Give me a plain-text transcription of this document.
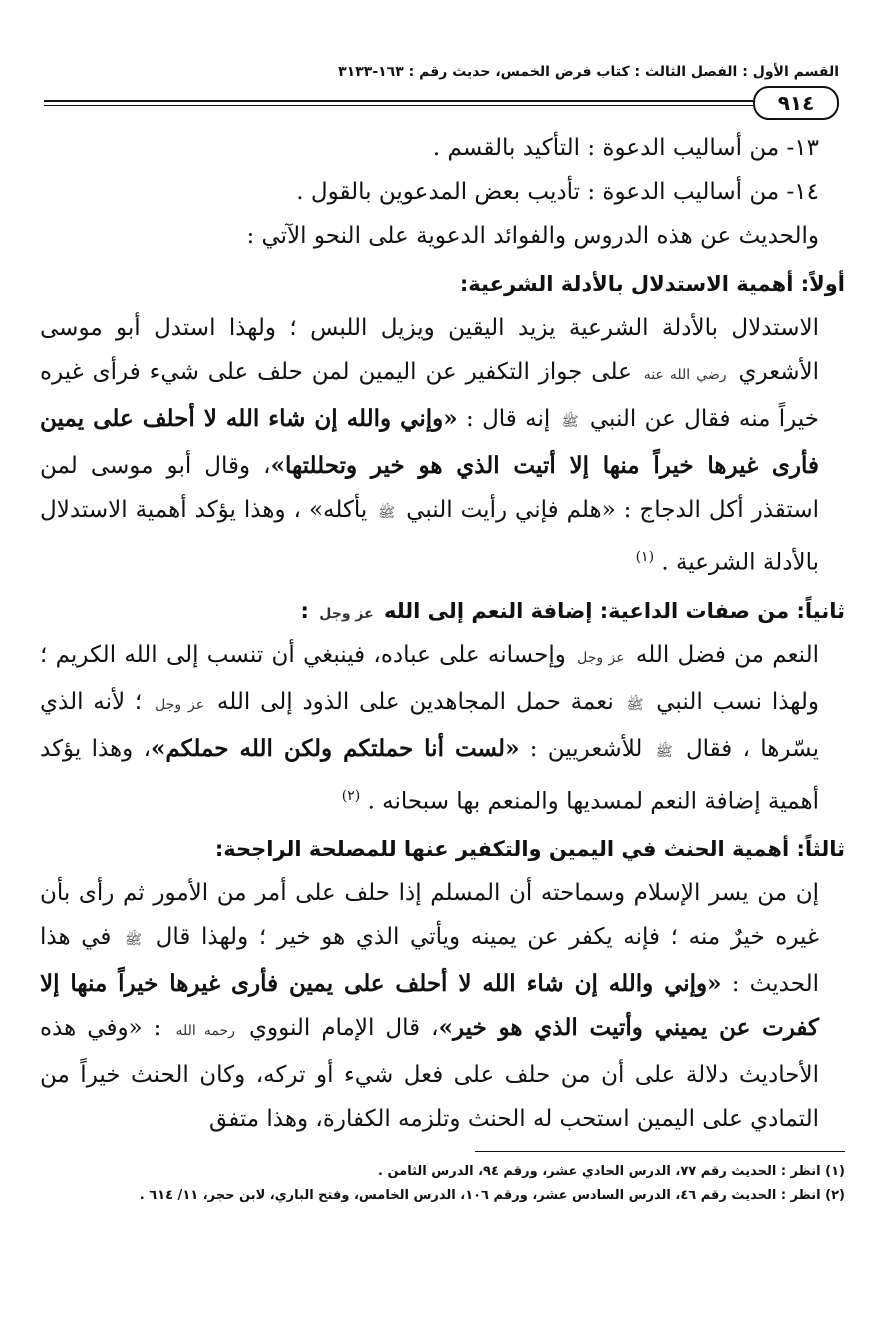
القسم الأول : الفصل الثالث : كتاب فرض الخمس، حديث رقم : ١٦٣-٣١٣٣
٩١٤
١٣- من أساليب الدعوة : التأكيد بالقسم .
١٤- من أساليب الدعوة : تأديب بعض المدعوين بالقول .
والحديث عن هذه الدروس والفوائد الدعوية على النحو الآتي :
أولاً: أهمية الاستدلال بالأدلة الشرعية:

الاستدلال بالأدلة الشرعية يزيد اليقين ويزيل اللبس ؛ ولهذا استدل أبو موسى الأشعري رضي الله عنه على جواز التكفير عن اليمين لمن حلف على شيء فرأى غيره خيراً منه فقال عن النبي ﷺ إنه قال : «وإني والله إن شاء الله لا أحلف على يمين فأرى غيرها خيراً منها إلا أتيت الذي هو خير وتحللتها»، وقال أبو موسى لمن استقذر أكل الدجاج : «هلم فإني رأيت النبي ﷺ يأكله» ، وهذا يؤكد أهمية الاستدلال بالأدلة الشرعية . $^{(١)}$

ثانياً: من صفات الداعية: إضافة النعم إلى الله عز وجل :

النعم من فضل الله عز وجل وإحسانه على عباده، فينبغي أن تنسب إلى الله الكريم ؛ ولهذا نسب النبي ﷺ نعمة حمل المجاهدين على الذود إلى الله عز وجل ؛ لأنه الذي يسّرها ، فقال ﷺ للأشعريين : «لست أنا حملتكم ولكن الله حملكم»، وهذا يؤكد أهمية إضافة النعم لمسديها والمنعم بها سبحانه . $^{(٢)}$

ثالثاً: أهمية الحنث في اليمين والتكفير عنها للمصلحة الراجحة:

إن من يسر الإسلام وسماحته أن المسلم إذا حلف على أمر من الأمور ثم رأى بأن غيره خيرٌ منه ؛ فإنه يكفر عن يمينه ويأتي الذي هو خير ؛ ولهذا قال ﷺ في هذا الحديث : «وإني والله إن شاء الله لا أحلف على يمين فأرى غيرها خيراً منها إلا كفرت عن يميني وأتيت الذي هو خير»، قال الإمام النووي رحمه الله : «وفي هذه الأحاديث دلالة على أن من حلف على فعل شيء أو تركه، وكان الحنث خيراً من التمادي على اليمين استحب له الحنث وتلزمه الكفارة، وهذا متفق

(١) انظر : الحديث رقم ٧٧، الدرس الحادي عشر، ورقم ٩٤، الدرس الثامن .
(٢) انظر : الحديث رقم ٤٦، الدرس السادس عشر، ورقم ١٠٦، الدرس الخامس، وفتح الباري، لابن حجر، ١١/ ٦١٤ .
